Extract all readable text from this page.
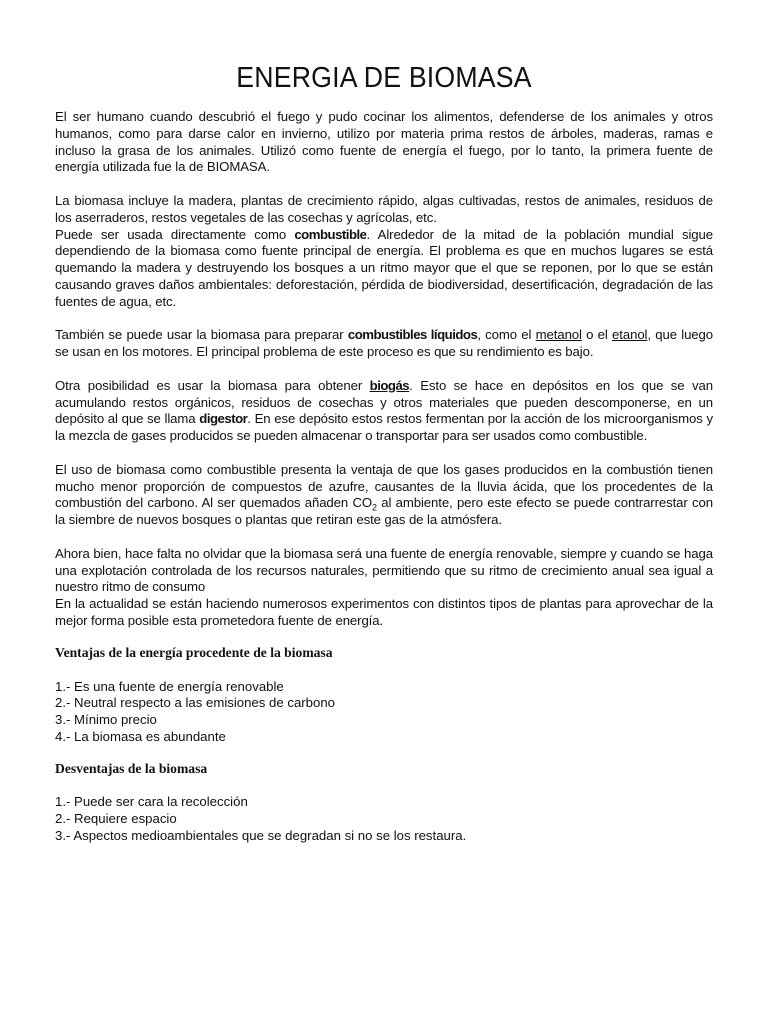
ENERGIA DE BIOMASA

El ser humano cuando descubrió el fuego y pudo cocinar los alimentos, defenderse de los animales y otros humanos, como para darse calor en invierno, utilizo por materia prima restos de árboles, maderas, ramas e incluso la grasa de los animales. Utilizó como fuente de energía el fuego, por lo tanto, la primera fuente de energía utilizada fue la de BIOMASA.

La biomasa incluye la madera, plantas de crecimiento rápido, algas cultivadas, restos de animales, residuos de los aserraderos, restos vegetales de las cosechas y agrícolas, etc.

Puede ser usada directamente como combustible. Alrededor de la mitad de la población mundial sigue dependiendo de la biomasa como fuente principal de energía. El problema es que en muchos lugares se está quemando la madera y destruyendo los bosques a un ritmo mayor que el que se reponen, por lo que se están causando graves daños ambientales: deforestación, pérdida de biodiversidad, desertificación, degradación de las fuentes de agua, etc.

También se puede usar la biomasa para preparar combustibles líquidos, como el metanol o el etanol, que luego se usan en los motores. El principal problema de este proceso es que su rendimiento es bajo.

Otra posibilidad es usar la biomasa para obtener biogás. Esto se hace en depósitos en los que se van acumulando restos orgánicos, residuos de cosechas y otros materiales que pueden descomponerse, en un depósito al que se llama digestor. En ese depósito estos restos fermentan por la acción de los microorganismos y la mezcla de gases producidos se pueden almacenar o transportar para ser usados como combustible.

El uso de biomasa como combustible presenta la ventaja de que los gases producidos en la combustión tienen mucho menor proporción de compuestos de azufre, causantes de la lluvia ácida, que los procedentes de la combustión del carbono. Al ser quemados añaden $CO_2$ al ambiente, pero este efecto se puede contrarrestar con la siembre de nuevos bosques o plantas que retiran este gas de la atmósfera.

Ahora bien, hace falta no olvidar que la biomasa será una fuente de energía renovable, siempre y cuando se haga una explotación controlada de los recursos naturales, permitiendo que su ritmo de crecimiento anual sea igual a nuestro ritmo de consumo

En la actualidad se están haciendo numerosos experimentos con distintos tipos de plantas para aprovechar de la mejor forma posible esta prometedora fuente de energía.

Ventajas de la energía procedente de la biomasa
1.- Es una fuente de energía renovable
2.- Neutral respecto a las emisiones de carbono
3.- Mínimo precio
4.- La biomasa es abundante
Desventajas de la biomasa
1.- Puede ser cara la recolección
2.- Requiere espacio
3.- Aspectos medioambientales que se degradan si no se los restaura.
